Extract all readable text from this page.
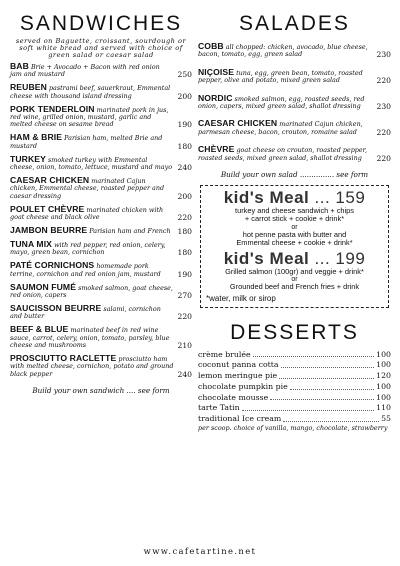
SANDWICHES
served on Baguette, croissant, sourdough or soft white bread and served with choice of green salad or caesar salad
BAB Brie + Avocado + Bacon with red onion jam and mustard	250
REUBEN pastrami beef, sauerkraut, Emmental cheese with thousand island dressing	200
PORK TENDERLOIN marinated pork in jus, red wine, grilled onion, mustard, garlic and melted cheese on sesame bread	190
HAM & BRIE Parisian ham, melted Brie and mustard	180
TURKEY smoked turkey with Emmental cheese, onion, tomato, lettuce, mustard and mayo 240
CAESAR CHICKEN marinated Cajun chicken, Emmental cheese, roasted pepper and caesar dressing	200
POULET CHÈVRE marinated chicken with goat cheese and black olive	220
JAMBON BEURRE Parisian ham and French 180
TUNA MIX with red pepper, red onion, celery, mayo, green bean, cornichon	180
PATÉ CORNICHONS homemade pork terrine, cornichon and red onion jam, mustard	190
SAUMON FUMÉ smoked salmon, goat cheese, red onion, capers	270
SAUCISSON BEURRE salami, cornichon and butter	220
BEEF & BLUE marinated beef in red wine sauce, carrot, celery, onion, tomato, parsley, blue cheese and mushrooms	210
PROSCIUTTO RACLETTE prosciutto ham with melted cheese, cornichon, potato and ground black pepper	240
Build your own sandwich .... see form
SALADES
COBB all chopped: chicken, avocado, blue cheese, bacon, tomato, egg, green salad	230
NIÇOISE tuna, egg, green bean, tomato, roasted pepper, olive and potato, mixed green salad	220
NORDIC smoked salmon, egg, roasted seeds, red onion, capers, mixed green salad, shallot dressing	230
CAESAR CHICKEN marinated Cajun chicken, parmesan cheese, bacon, crouton, romaine salad	220
CHÈVRE goat cheese on crouton, roasted pepper, roasted seeds, mixed green salad, shallot dressing	220
Build your own salad ............... see form
kid's Meal ... 159
turkey and cheese sandwich + chips
+ carrot stick + cookie + drink*
or
hot penne pasta with butter and
Emmental cheese + cookie + drink*
kid's Meal ... 199
Grilled salmon (100gr) and veggie + drink*
or
Grounded beef and French fries + drink
*water, milk or sirop
DESSERTS
crème brulée	100
coconut panna cotta	100
lemon meringue pie	120
chocolate pumpkin pie	100
chocolate mousse	100
tarte Tatin	110
traditional Ice cream	55
per scoop. choice of vanilla, mango, chocolate, strawberry
www.cafetartine.net
